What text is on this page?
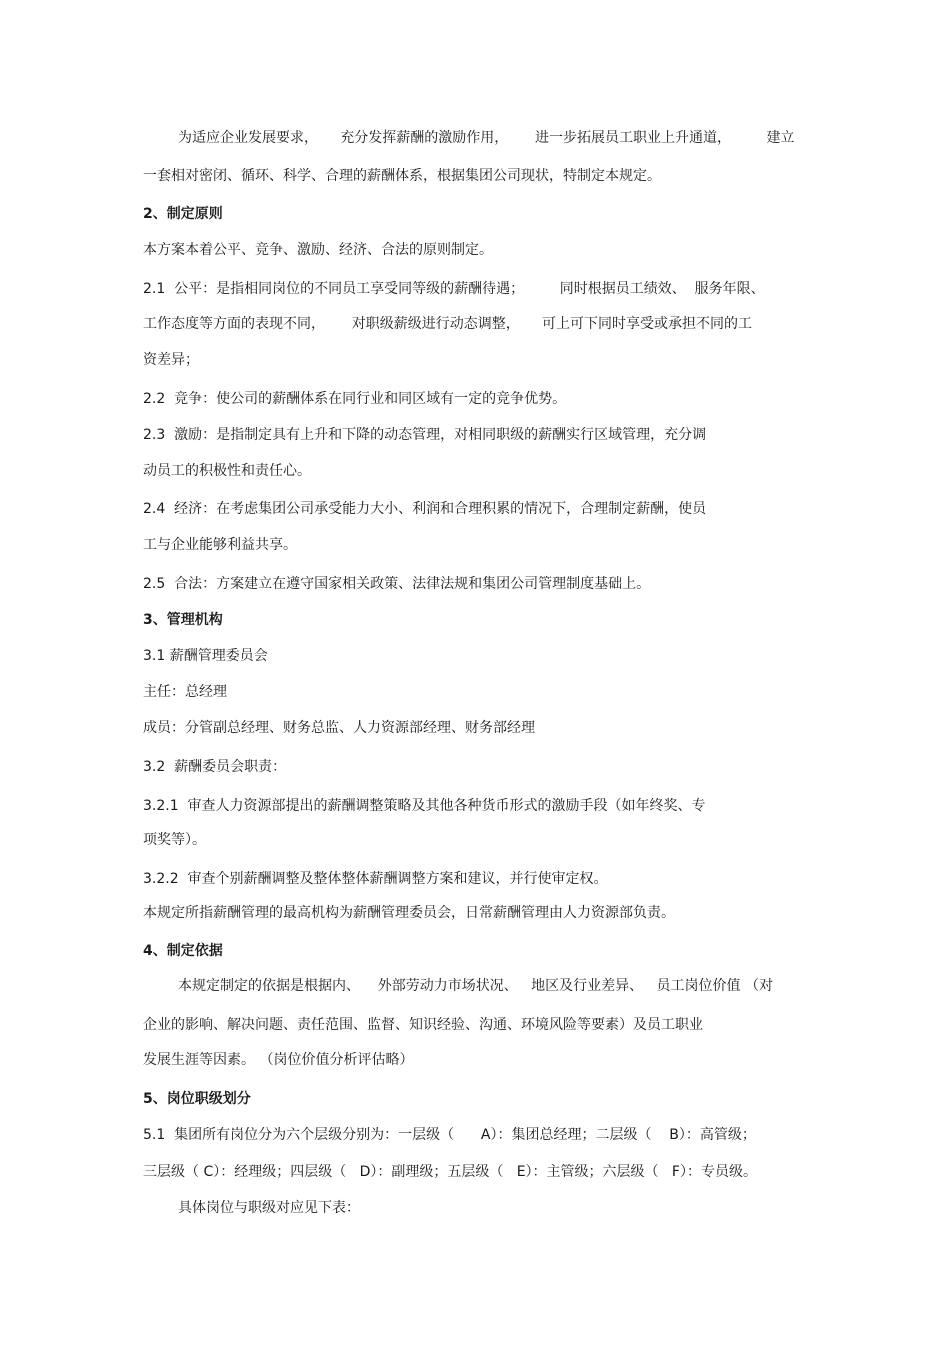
为适应企业发展要求，     充分发挥薪酬的激励作用，      进一步拓展员工职业上升通道，        建立
一套相对密闭、循环、科学、合理的薪酬体系，根据集团公司现状，特制定本规定。
2、制定原则
本方案本着公平、竞争、激励、经济、合法的原则制定。
2.1  公平：是指相同岗位的不同员工享受同等级的薪酬待遇；        同时根据员工绩效、  服务年限、
工作态度等方面的表现不同，      对职级薪级进行动态调整，     可上可下同时享受或承担不同的工
资差异；
2.2  竞争：使公司的薪酬体系在同行业和同区域有一定的竞争优势。
2.3  激励：是指制定具有上升和下降的动态管理，对相同职级的薪酬实行区域管理，充分调
动员工的积极性和责任心。
2.4  经济：在考虑集团公司承受能力大小、利润和合理积累的情况下，合理制定薪酬，使员
工与企业能够利益共享。
2.5  合法：方案建立在遵守国家相关政策、法律法规和集团公司管理制度基础上。
3、管理机构
3.1 薪酬管理委员会
主任：总经理
成员：分管副总经理、财务总监、人力资源部经理、财务部经理
3.2  薪酬委员会职责：
3.2.1  审查人力资源部提出的薪酬调整策略及其他各种货币形式的激励手段（如年终奖、专
项奖等）。
3.2.2  审查个别薪酬调整及整体整体薪酬调整方案和建议，并行使审定权。
本规定所指薪酬管理的最高机构为薪酬管理委员会，日常薪酬管理由人力资源部负责。
4、制定依据
本规定制定的依据是根据内、    外部劳动力市场状况、   地区及行业差异、   员工岗位价值 （对
企业的影响、解决问题、责任范围、监督、知识经验、沟通、环境风险等要素）及员工职业
发展生涯等因素。 （岗位价值分析评估略）
5、岗位职级划分
5.1  集团所有岗位分为六个层级分别为：一层级（      A）：集团总经理；二层级（    B）：高管级；
三层级（ C）：经理级；四层级（   D）：副理级；五层级（   E）：主管级；六层级（   F）：专员级。
具体岗位与职级对应见下表：
